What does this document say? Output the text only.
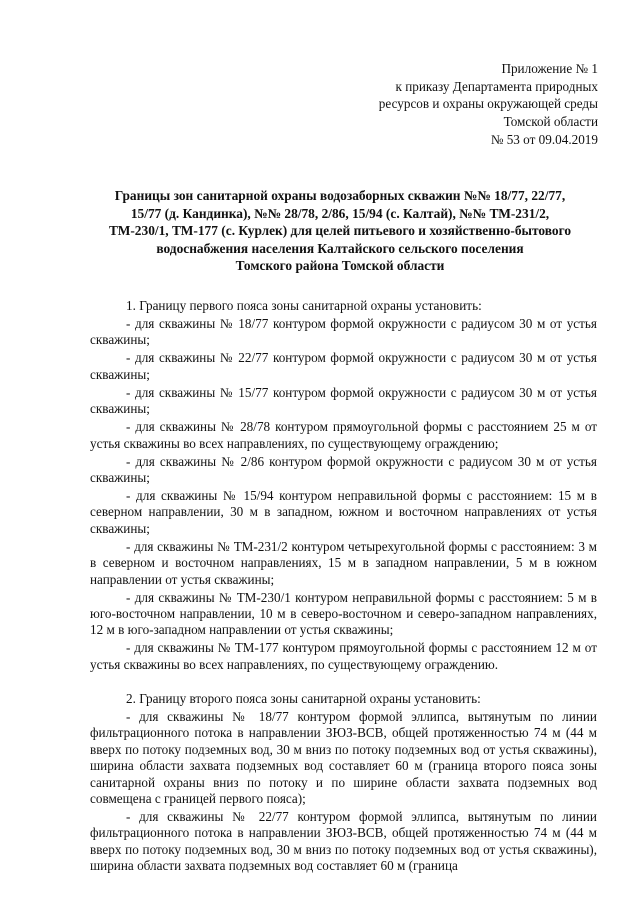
Приложение № 1
к приказу Департамента природных
ресурсов и охраны окружающей среды
Томской области
№ 53 от 09.04.2019
Границы зон санитарной охраны водозаборных скважин №№ 18/77, 22/77,
15/77 (д. Кандинка), №№ 28/78, 2/86, 15/94 (с. Калтай), №№ ТМ-231/2,
ТМ-230/1, ТМ-177 (с. Курлек) для целей питьевого и хозяйственно-бытового
водоснабжения населения Калтайского сельского поселения
Томского района Томской области

1. Границу первого пояса зоны санитарной охраны установить:

- для скважины № 18/77 контуром формой окружности с радиусом 30 м от устья скважины;

- для скважины № 22/77 контуром формой окружности с радиусом 30 м от устья скважины;

- для скважины № 15/77 контуром формой окружности с радиусом 30 м от устья скважины;

- для скважины № 28/78 контуром прямоугольной формы с расстоянием 25 м от устья скважины во всех направлениях, по существующему ограждению;

- для скважины № 2/86 контуром формой окружности с радиусом 30 м от устья скважины;

- для скважины № 15/94 контуром неправильной формы с расстоянием: 15 м в северном направлении, 30 м в западном, южном и восточном направлениях от устья скважины;

- для скважины № ТМ-231/2 контуром четырехугольной формы с расстоянием: 3 м в северном и восточном направлениях, 15 м в западном направлении, 5 м в южном направлении от устья скважины;

- для скважины № ТМ-230/1 контуром неправильной формы с расстоянием: 5 м в юго-восточном направлении, 10 м в северо-восточном и северо-западном направлениях, 12 м в юго-западном направлении от устья скважины;

- для скважины № ТМ-177 контуром прямоугольной формы с расстоянием 12 м от устья скважины во всех направлениях, по существующему ограждению.

2. Границу второго пояса зоны санитарной охраны установить:

- для скважины № 18/77 контуром формой эллипса, вытянутым по линии фильтрационного потока в направлении ЗЮЗ-ВСВ, общей протяженностью 74 м (44 м вверх по потоку подземных вод, 30 м вниз по потоку подземных вод от устья скважины), ширина области захвата подземных вод составляет 60 м (граница второго пояса зоны санитарной охраны вниз по потоку и по ширине области захвата подземных вод совмещена с границей первого пояса);

- для скважины № 22/77 контуром формой эллипса, вытянутым по линии фильтрационного потока в направлении ЗЮЗ-ВСВ, общей протяженностью 74 м (44 м вверх по потоку подземных вод, 30 м вниз по потоку подземных вод от устья скважины), ширина области захвата подземных вод составляет 60 м (граница
